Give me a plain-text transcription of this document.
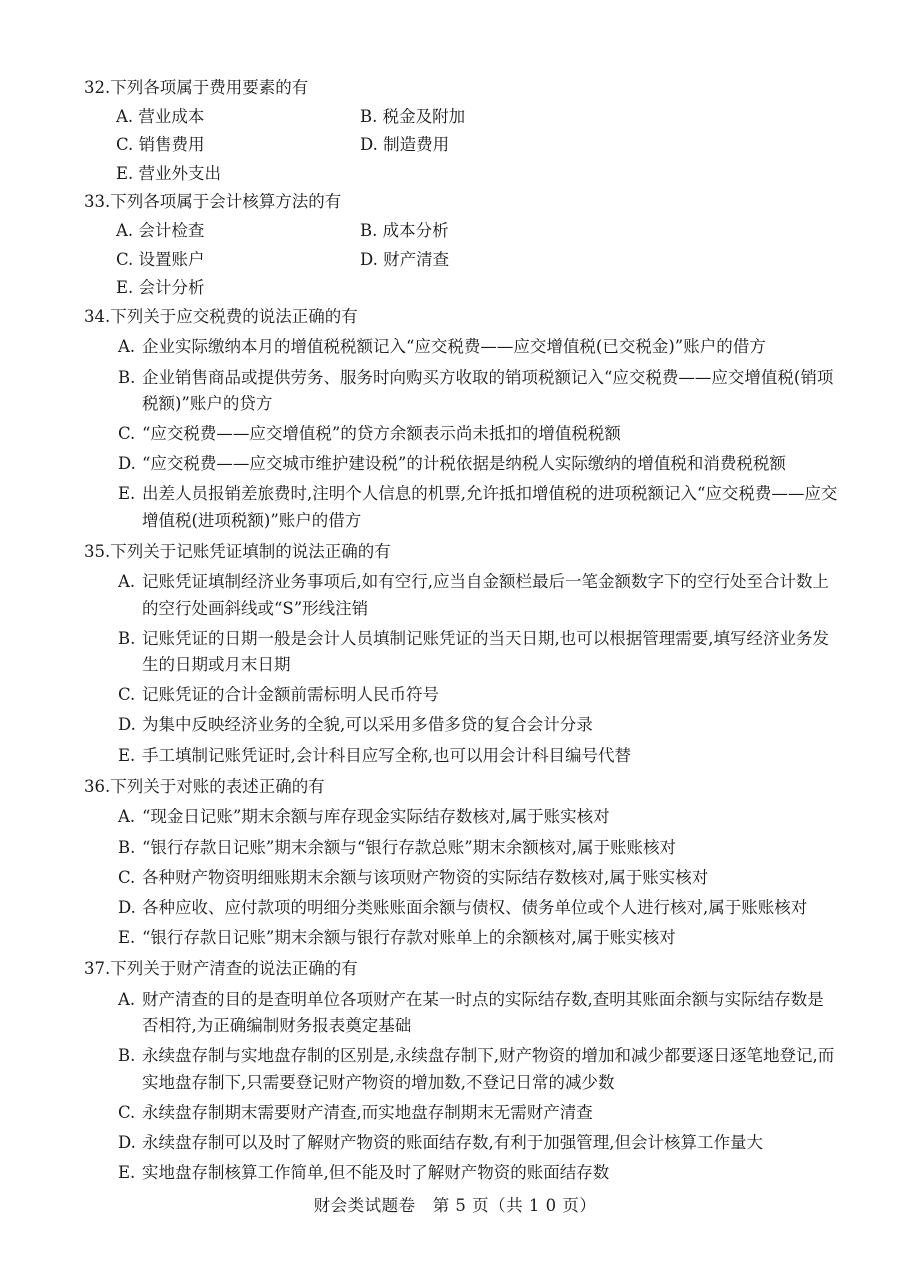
32.下列各项属于费用要素的有
A. 营业成本	B. 税金及附加
C. 销售费用	D. 制造费用
E. 营业外支出
33.下列各项属于会计核算方法的有
A. 会计检查	B. 成本分析
C. 设置账户	D. 财产清查
E. 会计分析
34.下列关于应交税费的说法正确的有
A. 企业实际缴纳本月的增值税税额记入“应交税费——应交增值税(已交税金)”账户的借方
B. 企业销售商品或提供劳务、服务时向购买方收取的销项税额记入“应交税费——应交增值税(销项税额)”账户的贷方
C. “应交税费——应交增值税”的贷方余额表示尚未抵扣的增值税税额
D. “应交税费——应交城市维护建设税”的计税依据是纳税人实际缴纳的增值税和消费税税额
E. 出差人员报销差旅费时,注明个人信息的机票,允许抵扣增值税的进项税额记入“应交税费——应交增值税(进项税额)”账户的借方
35.下列关于记账凭证填制的说法正确的有
A. 记账凭证填制经济业务事项后,如有空行,应当自金额栏最后一笔金额数字下的空行处至合计数上的空行处画斜线或“S”形线注销
B. 记账凭证的日期一般是会计人员填制记账凭证的当天日期,也可以根据管理需要,填写经济业务发生的日期或月末日期
C. 记账凭证的合计金额前需标明人民币符号
D. 为集中反映经济业务的全貌,可以采用多借多贷的复合会计分录
E. 手工填制记账凭证时,会计科目应写全称,也可以用会计科目编号代替
36.下列关于对账的表述正确的有
A. “现金日记账”期末余额与库存现金实际结存数核对,属于账实核对
B. “银行存款日记账”期末余额与“银行存款总账”期末余额核对,属于账账核对
C. 各种财产物资明细账期末余额与该项财产物资的实际结存数核对,属于账实核对
D. 各种应收、应付款项的明细分类账账面余额与债权、债务单位或个人进行核对,属于账账核对
E. “银行存款日记账”期末余额与银行存款对账单上的余额核对,属于账实核对
37.下列关于财产清查的说法正确的有
A. 财产清查的目的是查明单位各项财产在某一时点的实际结存数,查明其账面余额与实际结存数是否相符,为正确编制财务报表奠定基础
B. 永续盘存制与实地盘存制的区别是,永续盘存制下,财产物资的增加和减少都要逐日逐笔地登记,而实地盘存制下,只需要登记财产物资的增加数,不登记日常的减少数
C. 永续盘存制期末需要财产清查,而实地盘存制期末无需财产清查
D. 永续盘存制可以及时了解财产物资的账面结存数,有利于加强管理,但会计核算工作量大
E. 实地盘存制核算工作简单,但不能及时了解财产物资的账面结存数
财会类试题卷　第 5 页（共 1 0 页）
